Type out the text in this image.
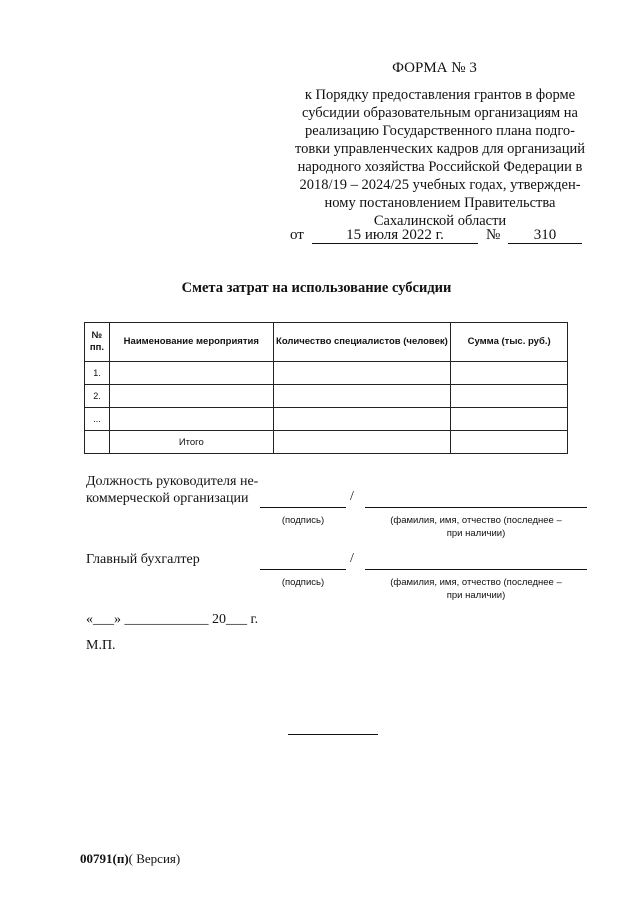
ФОРМА № 3
к Порядку предоставления грантов в форме
субсидии образовательным организациям на
реализацию Государственного плана подго-
товки управленческих кадров для организаций
народного хозяйства Российской Федерации в
2018/19 – 2024/25 учебных годах, утвержден-
ному постановлением Правительства
Сахалинской области
от	15 июля 2022 г.	№	310
Смета затрат на использование субсидии
№ пп.	Наименование мероприятия	Количество специалистов (человек)	Сумма (тыс. руб.)
1.			
2.			
...			
	Итого		
Должность руководителя не-
коммерческой организации	/
(подпись)	(фамилия, имя, отчество (последнее –
при наличии)
Главный бухгалтер	/
(подпись)	(фамилия, имя, отчество (последнее –
при наличии)
«___» ____________ 20___ г.
М.П.
00791(п)( Версия)
